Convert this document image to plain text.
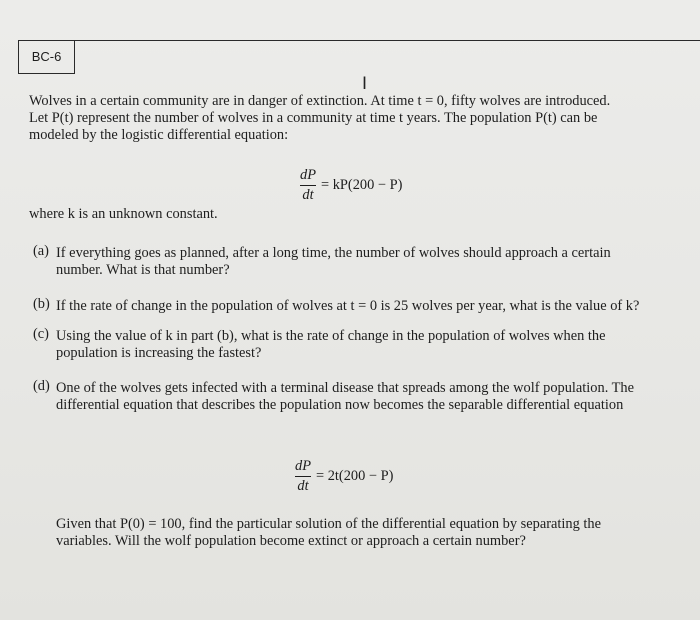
BC-6
I
Wolves in a certain community are in danger of extinction. At time t = 0, fifty wolves are introduced.
Let P(t) represent the number of wolves in a community at time t years. The population P(t) can be
modeled by the logistic differential equation:
$\frac{dP}{dt} = kP(200 - P)$
where k is an unknown constant.
(a) If everything goes as planned, after a long time, the number of wolves should approach a certain
number. What is that number?
(b) If the rate of change in the population of wolves at t = 0 is 25 wolves per year, what is the value of k?
(c) Using the value of k in part (b), what is the rate of change in the population of wolves when the
population is increasing the fastest?
(d) One of the wolves gets infected with a terminal disease that spreads among the wolf population. The
differential equation that describes the population now becomes the separable differential equation
$\frac{dP}{dt} = 2t(200 - P)$
Given that P(0) = 100, find the particular solution of the differential equation by separating the
variables. Will the wolf population become extinct or approach a certain number?
